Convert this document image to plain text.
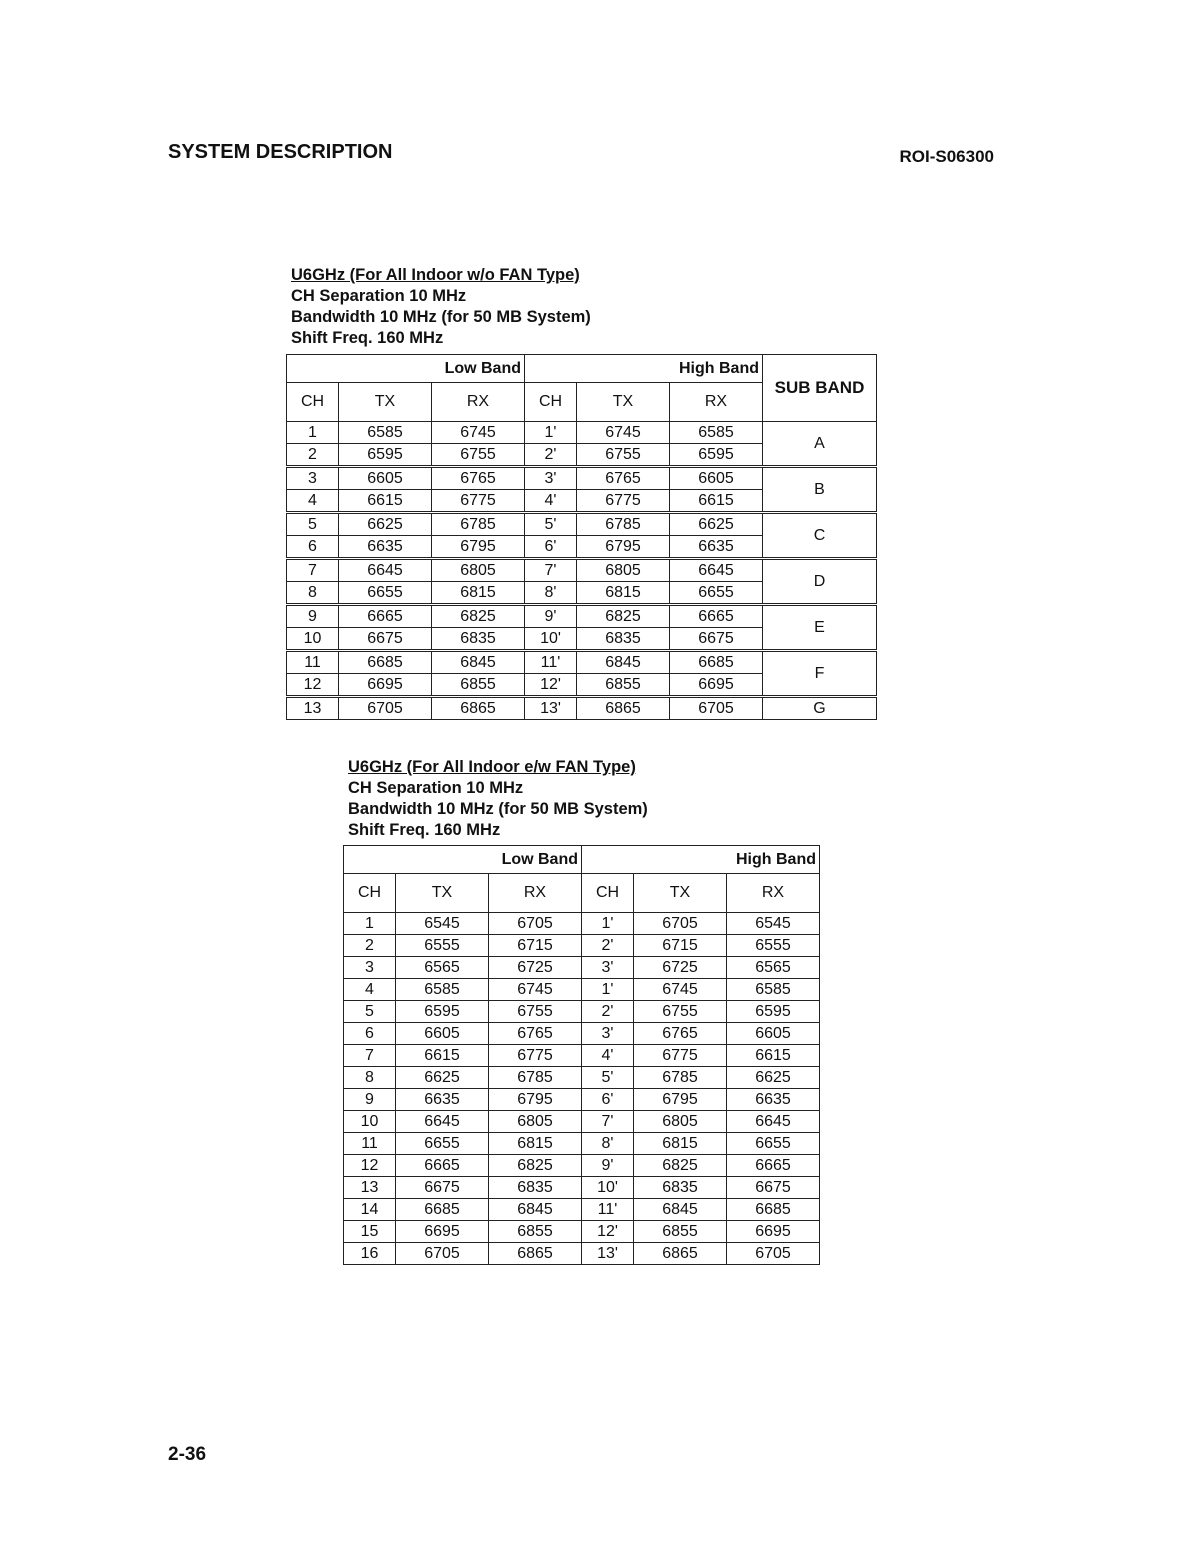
SYSTEM DESCRIPTION	ROI-S06300
U6GHz (For All Indoor w/o FAN Type)
CH Separation 10 MHz
Bandwidth 10 MHz (for 50 MB System)
Shift Freq. 160 MHz
Low Band			High Band			SUB BAND
CH	TX	RX	CH	TX	RX	
1	6585	6745	1'	6745	6585	A
2	6595	6755	2'	6755	6595	
3	6605	6765	3'	6765	6605	B
4	6615	6775	4'	6775	6615	
5	6625	6785	5'	6785	6625	C
6	6635	6795	6'	6795	6635	
7	6645	6805	7'	6805	6645	D
8	6655	6815	8'	6815	6655	
9	6665	6825	9'	6825	6665	E
10	6675	6835	10'	6835	6675	
11	6685	6845	11'	6845	6685	F
12	6695	6855	12'	6855	6695	
13	6705	6865	13'	6865	6705	G
U6GHz (For All Indoor e/w FAN Type)
CH Separation 10 MHz
Bandwidth 10 MHz (for 50 MB System)
Shift Freq. 160 MHz
Low Band			High Band		
CH	TX	RX	CH	TX	RX
1	6545	6705	1'	6705	6545
2	6555	6715	2'	6715	6555
3	6565	6725	3'	6725	6565
4	6585	6745	1'	6745	6585
5	6595	6755	2'	6755	6595
6	6605	6765	3'	6765	6605
7	6615	6775	4'	6775	6615
8	6625	6785	5'	6785	6625
9	6635	6795	6'	6795	6635
10	6645	6805	7'	6805	6645
11	6655	6815	8'	6815	6655
12	6665	6825	9'	6825	6665
13	6675	6835	10'	6835	6675
14	6685	6845	11'	6845	6685
15	6695	6855	12'	6855	6695
16	6705	6865	13'	6865	6705
2-36
